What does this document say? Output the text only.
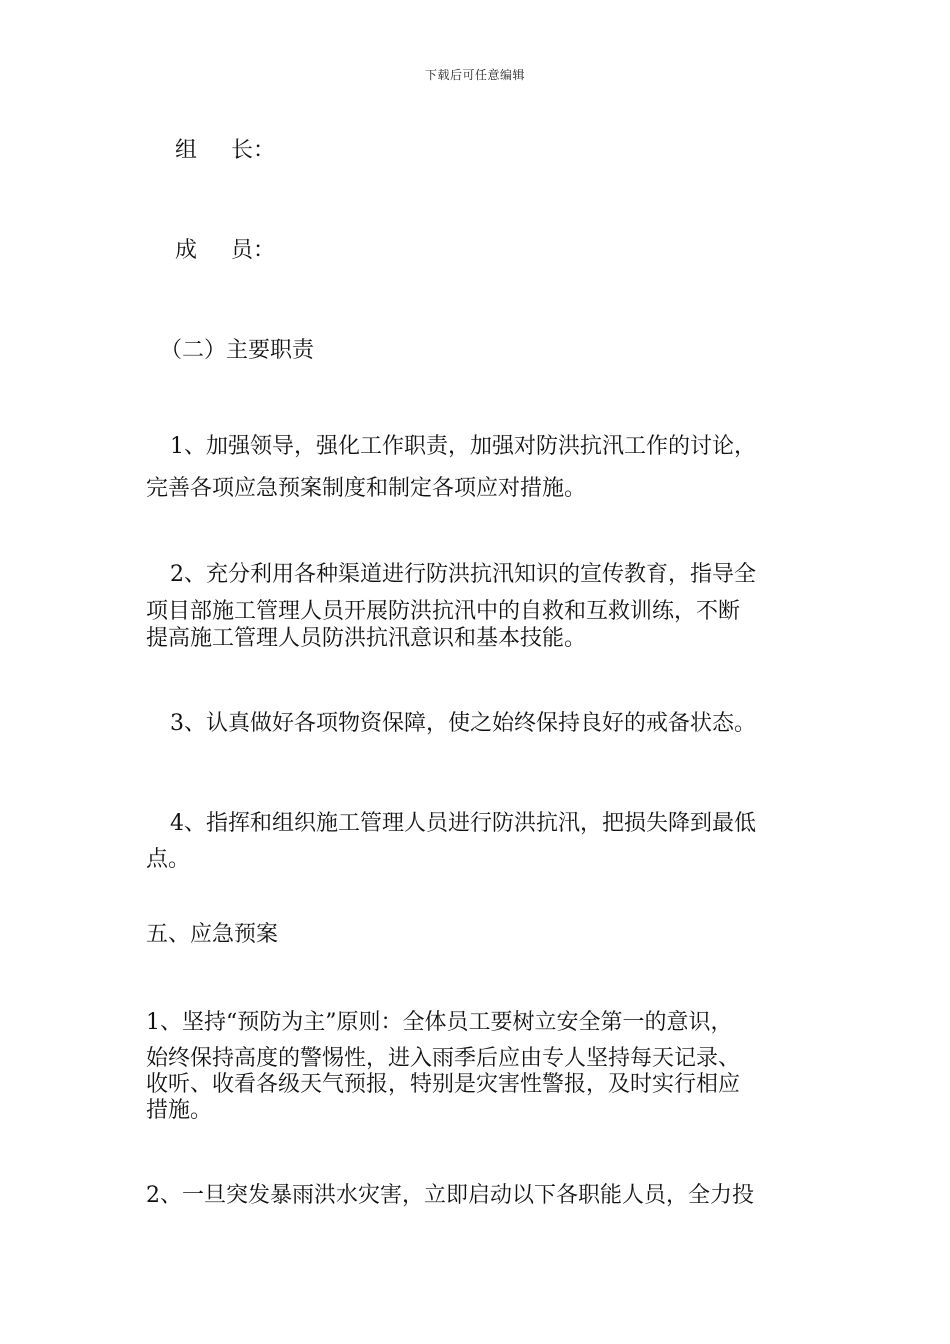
下载后可任意编辑
组 长：
成 员：
（二）主要职责
1、加强领导，强化工作职责，加强对防洪抗汛工作的讨论，
完善各项应急预案制度和制定各项应对措施。
2、充分利用各种渠道进行防洪抗汛知识的宣传教育，指导全
项目部施工管理人员开展防洪抗汛中的自救和互救训练，不断
提高施工管理人员防洪抗汛意识和基本技能。
3、认真做好各项物资保障，使之始终保持良好的戒备状态。
4、指挥和组织施工管理人员进行防洪抗汛，把损失降到最低
点。
五、应急预案
1、坚持“预防为主”原则：全体员工要树立安全第一的意识，
始终保持高度的警惕性，进入雨季后应由专人坚持每天记录、
收听、收看各级天气预报，特别是灾害性警报，及时实行相应
措施。
2、一旦突发暴雨洪水灾害，立即启动以下各职能人员，全力投
